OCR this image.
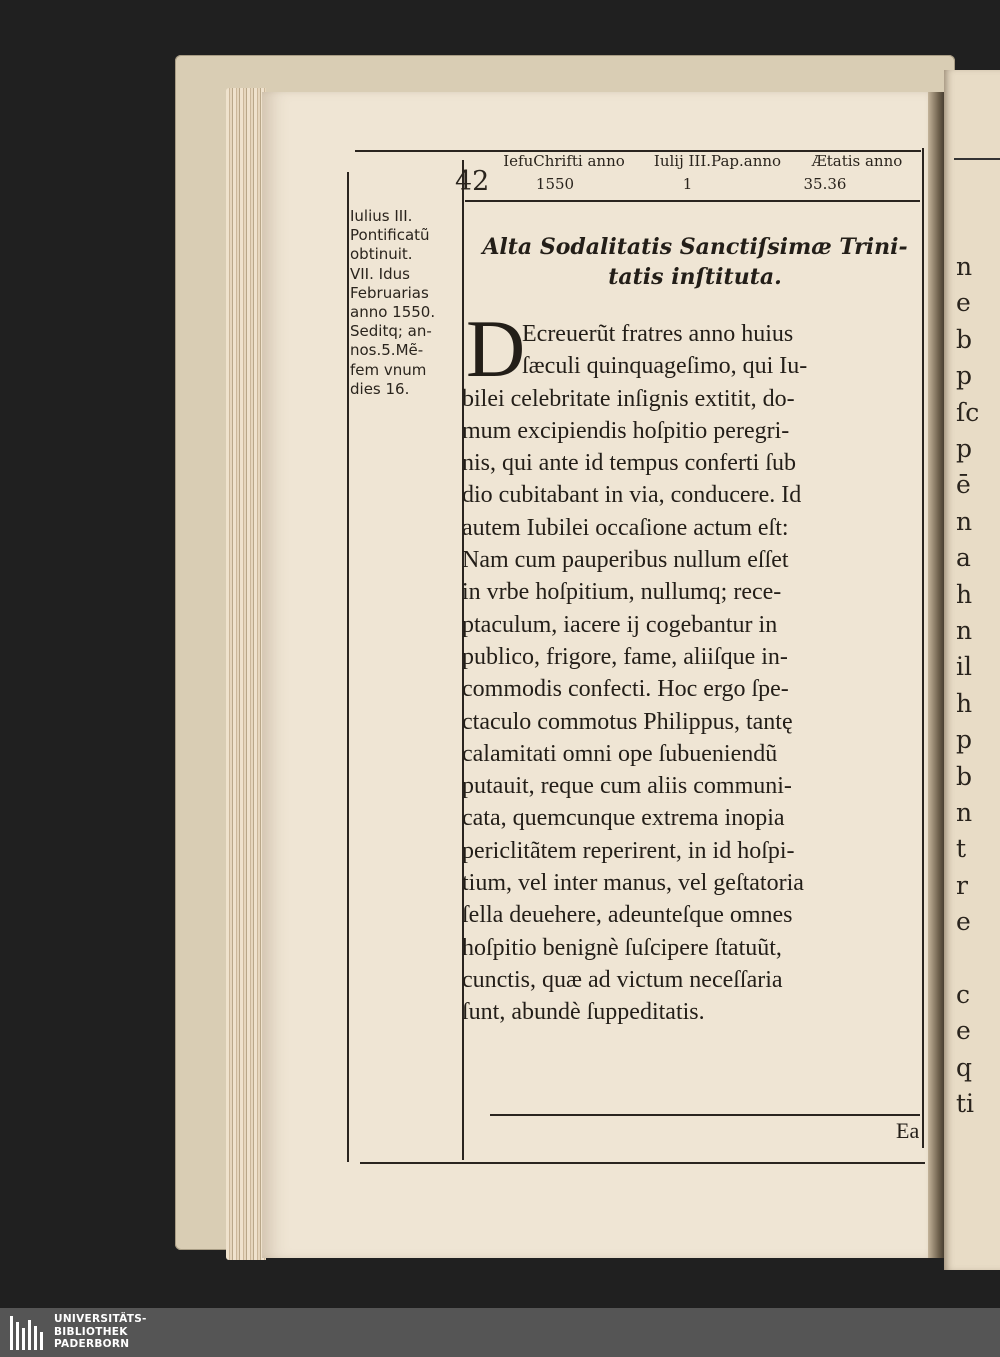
n
e
b
p
ſc
p
ē
n
a
h
n
il
h
p
b
n
t
r
e
c
e
q
ti
42
IefuChrifti anno
1550
Iulij III.Pap.anno
1
Ætatis anno
35.36
Iulius III.
Pontificatũ
obtinuit.
VII. Idus
Februarias
anno 1550.
Seditq; an-
nos.5.Mẽ-
fem vnum
dies 16.
Alta Sodalitatis Sanctiſsimæ Trini-
tatis inſtituta.
D
Ecreuerũt fratres anno huius
ſæculi quinquageſimo, qui Iu-
bilei celebritate inſignis extitit, do-
mum excipiendis hoſpitio peregri-
nis, qui ante id tempus conferti ſub
dio cubitabant in via, conducere. Id
autem Iubilei occaſione actum eſt:
Nam cum pauperibus nullum eſſet
in vrbe hoſpitium, nullumq; rece-
ptaculum, iacere ij cogebantur in
publico, frigore, fame, aliiſque in-
commodis confecti. Hoc ergo ſpe-
ctaculo commotus Philippus, tantę
calamitati omni ope ſubueniendũ
putauit, reque cum aliis communi-
cata, quemcunque extrema inopia
periclitãtem reperirent, in id hoſpi-
tium, vel inter manus, vel geſtatoria
ſella deuehere, adeunteſque omnes
hoſpitio benignè ſuſcipere ſtatuũt,
cunctis, quæ ad victum neceſſaria
ſunt, abundè ſuppeditatis.
Ea
UNIVERSITÄTS-
BIBLIOTHEK
PADERBORN
